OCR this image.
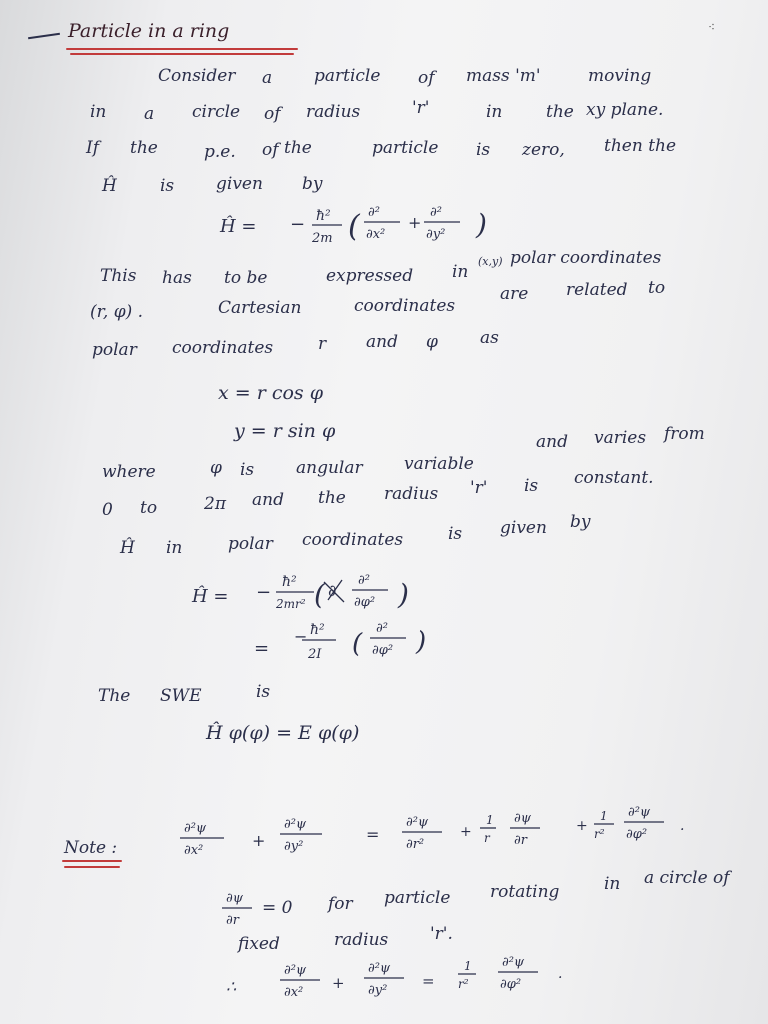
Particle in a ring
Consider a particle of mass 'm'	moving
in a circle of radius	'r'	in	the xy plane.
If the	p.e. of the	particle is zero, then the
Ĥ	is given by
Ĥ = − ħ²
2m ( ∂²
∂x²
+
∂²
∂y² )
(x,y)
This has to be	expressed in
polar coordinates
(r, φ) .	Cartesian	coordinates
are related to
polar coordinates	r and φ as
x = r cos φ
y = r sin φ
where	φ is angular variable
and varies from
0 to	2π and the radius 'r' is constant.
Ĥ in	polar coordinates	is given by
Ĥ = − ħ²
2mr² ( ∂
∂²
∂φ² )
=
− ħ²
2I (
∂²
∂φ² )
The SWE	is
Ĥ φ(φ) = E φ(φ)
Note :
∂²ψ
∂x²
+
∂²ψ
∂y²
=
∂²ψ
∂r²
+
1
r
∂ψ
∂r
+
1
r²
∂²ψ
∂φ²
.
∂ψ
∂r
= 0 for particle rotating	in a circle of
fixed	radius 'r'.
∴
∂²ψ
∂x²
+
∂²ψ
∂y²
=
1
r²
∂²ψ
∂φ²
.
⁖
